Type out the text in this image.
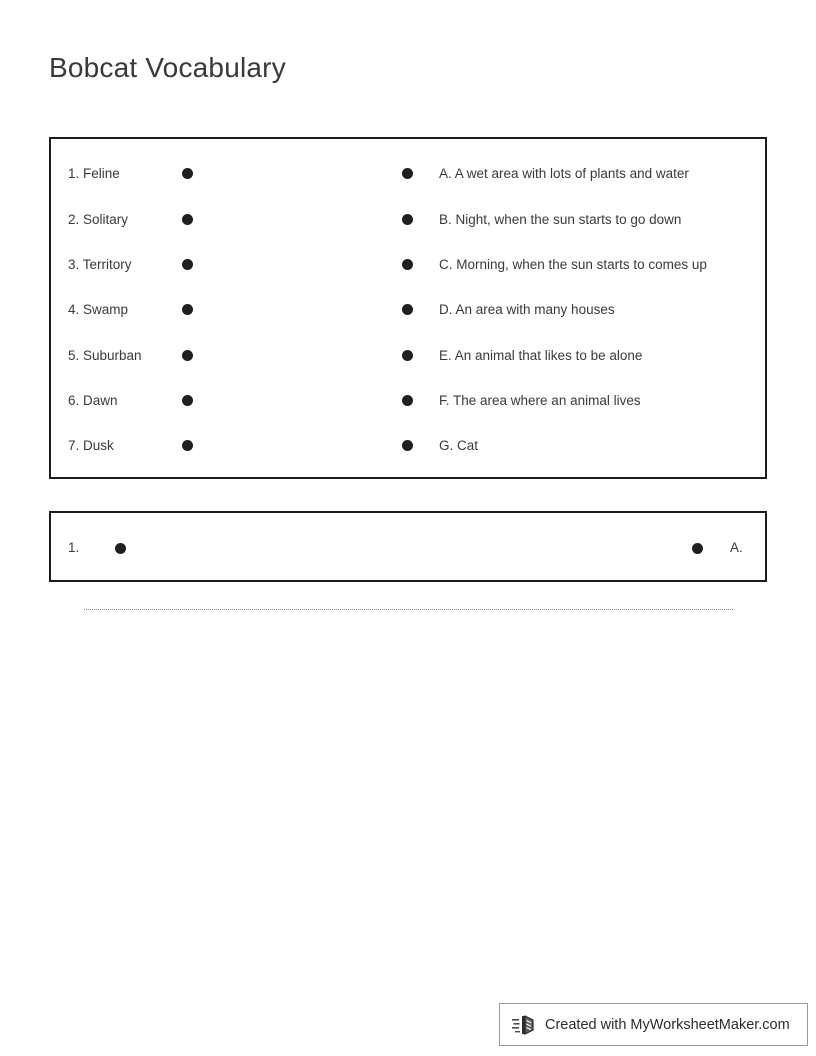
Bobcat Vocabulary
1. Feline	A. A wet area with lots of plants and water
2. Solitary	B. Night, when the sun starts to go down
3. Territory	C. Morning, when the sun starts to comes up
4. Swamp	D. An area with many houses
5. Suburban	E. An animal that likes to be alone
6. Dawn	F. The area where an animal lives
7. Dusk	G. Cat
1.	A.
Created with MyWorksheetMaker.com
